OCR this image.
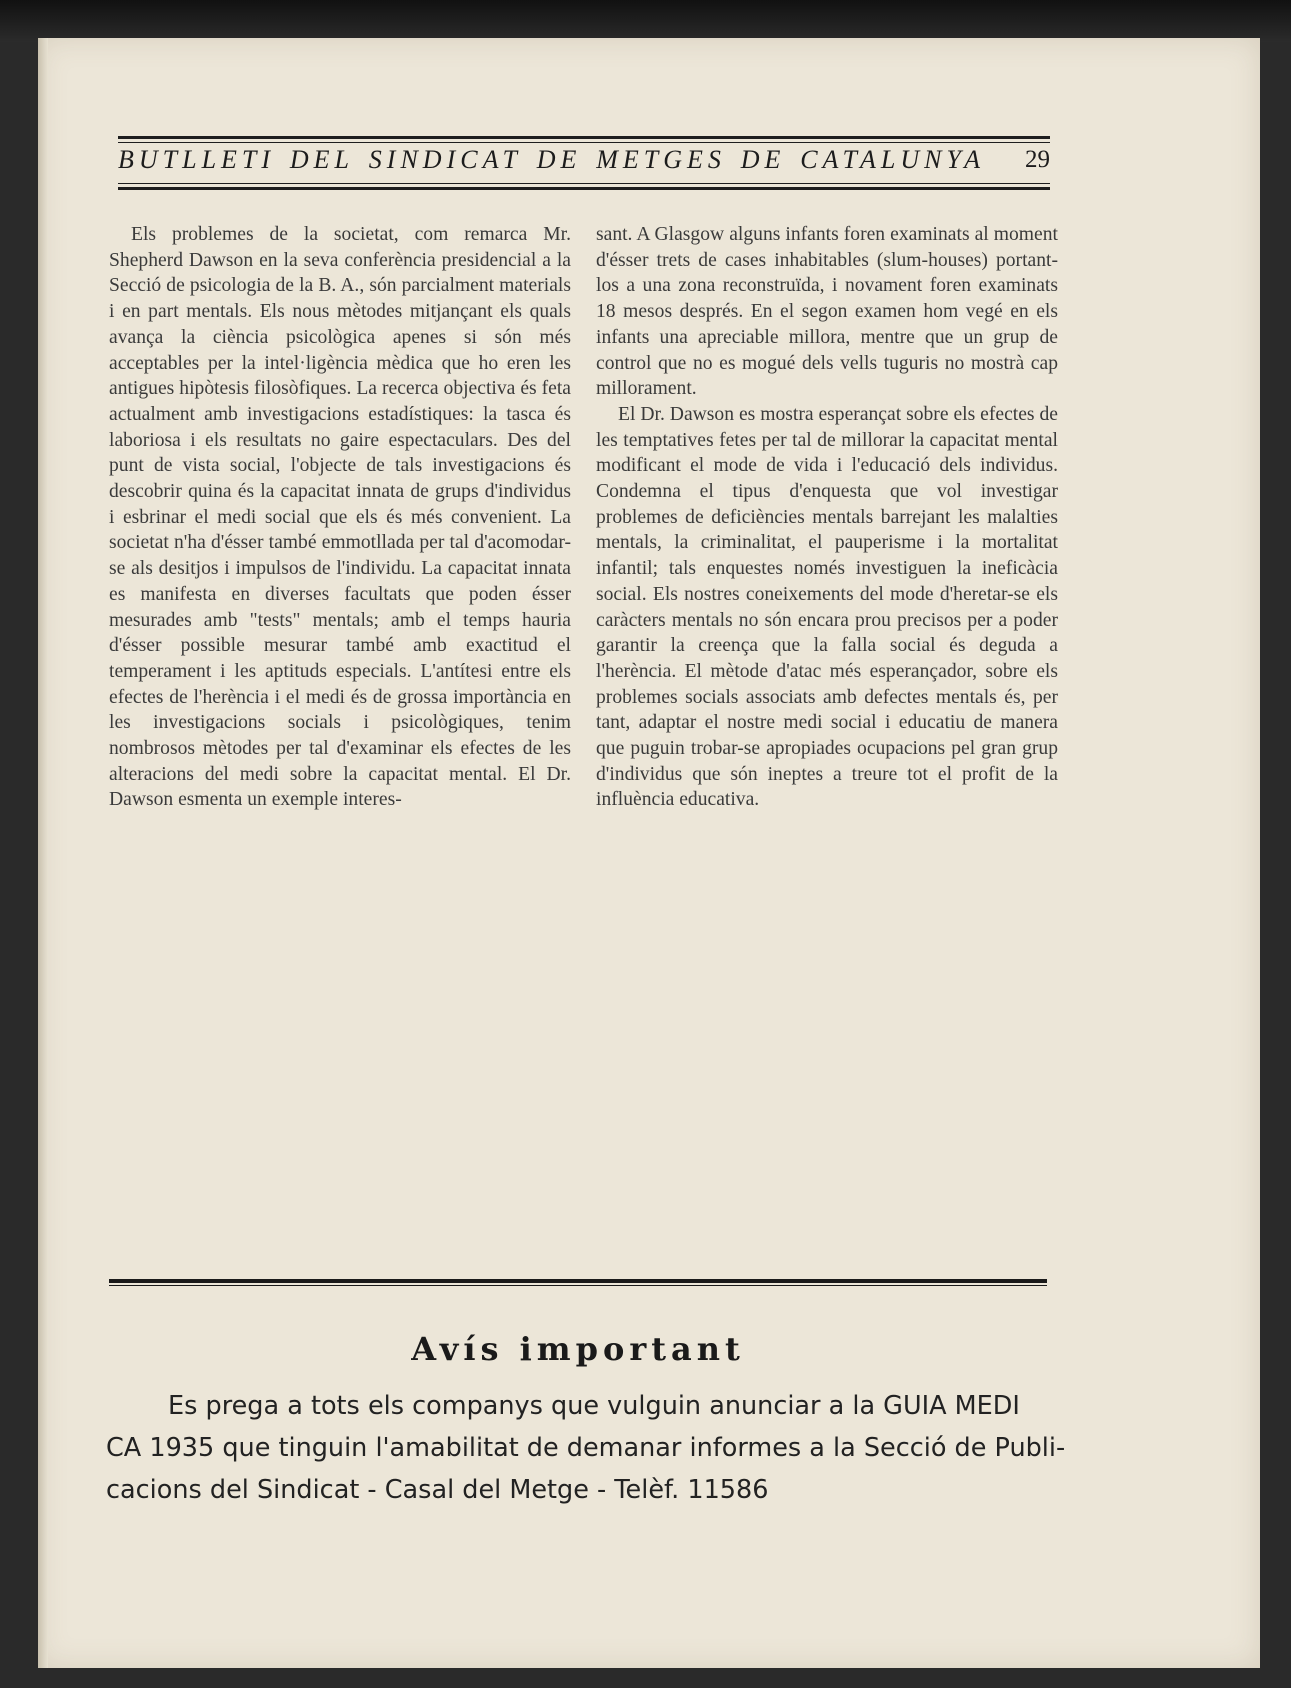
BUTLLETI DEL SINDICAT DE METGES DE CATALUNYA 29

Els problemes de la societat, com remarca Mr. Shepherd Dawson en la seva conferència presidencial a la Secció de psicologia de la B. A., són parcialment materials i en part mentals. Els nous mètodes mitjançant els quals avança la ciència psicològica apenes si són més acceptables per la intel·ligència mèdica que ho eren les antigues hipòtesis filosòfiques. La recerca objectiva és feta actualment amb investigacions estadístiques: la tasca és laboriosa i els resultats no gaire espectaculars. Des del punt de vista social, l'objecte de tals investigacions és descobrir quina és la capacitat innata de grups d'individus i esbrinar el medi social que els és més convenient. La societat n'ha d'ésser també emmotllada per tal d'acomodar-se als desitjos i impulsos de l'individu. La capacitat innata es manifesta en diverses facultats que poden ésser mesurades amb "tests" mentals; amb el temps hauria d'ésser possible mesurar també amb exactitud el temperament i les aptituds especials. L'antítesi entre els efectes de l'herència i el medi és de grossa importància en les investigacions socials i psicològiques, tenim nombrosos mètodes per tal d'examinar els efectes de les alteracions del medi sobre la capacitat mental. El Dr. Dawson esmenta un exemple interes-

sant. A Glasgow alguns infants foren examinats al moment d'ésser trets de cases inhabitables (slum-houses) portant-los a una zona reconstruïda, i novament foren examinats 18 mesos després. En el segon examen hom vegé en els infants una apreciable millora, mentre que un grup de control que no es mogué dels vells tuguris no mostrà cap millorament.

El Dr. Dawson es mostra esperançat sobre els efectes de les temptatives fetes per tal de millorar la capacitat mental modificant el mode de vida i l'educació dels individus. Condemna el tipus d'enquesta que vol investigar problemes de deficiències mentals barrejant les malalties mentals, la criminalitat, el pauperisme i la mortalitat infantil; tals enquestes només investiguen la ineficàcia social. Els nostres coneixements del mode d'heretar-se els caràcters mentals no són encara prou precisos per a poder garantir la creença que la falla social és deguda a l'herència. El mètode d'atac més esperançador, sobre els problemes socials associats amb defectes mentals és, per tant, adaptar el nostre medi social i educatiu de manera que puguin trobar-se apropiades ocupacions pel gran grup d'individus que són ineptes a treure tot el profit de la influència educativa.

Avís important
Es prega a tots els companys que vulguin anunciar a la GUIA MEDI
CA 1935 que tinguin l'amabilitat de demanar informes a la Secció de Publi-
cacions del Sindicat - Casal del Metge - Telèf. 11586
